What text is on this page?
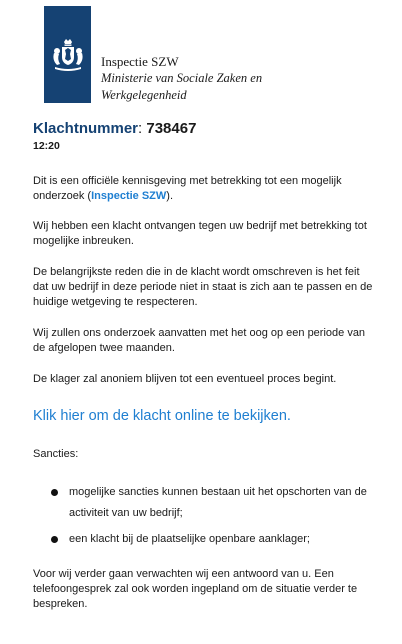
Inspectie SZW
Ministerie van Sociale Zaken en
Werkgelegenheid
Klachtnummer: 738467
12:20

Dit is een officiële kennisgeving met betrekking tot een mogelijk onderzoek (Inspectie SZW).

Wij hebben een klacht ontvangen tegen uw bedrijf met betrekking tot mogelijke inbreuken.

De belangrijkste reden die in de klacht wordt omschreven is het feit dat uw bedrijf in deze periode niet in staat is zich aan te passen en de huidige wetgeving te respecteren.

Wij zullen ons onderzoek aanvatten met het oog op een periode van de afgelopen twee maanden.

De klager zal anoniem blijven tot een eventueel proces begint.

Klik hier om de klacht online te bekijken.

Sancties:

mogelijke sancties kunnen bestaan uit het opschorten van de activiteit van uw bedrijf;
een klacht bij de plaatselijke openbare aanklager;

Voor wij verder gaan verwachten wij een antwoord van u. Een telefoongesprek zal ook worden ingepland om de situatie verder te bespreken.
